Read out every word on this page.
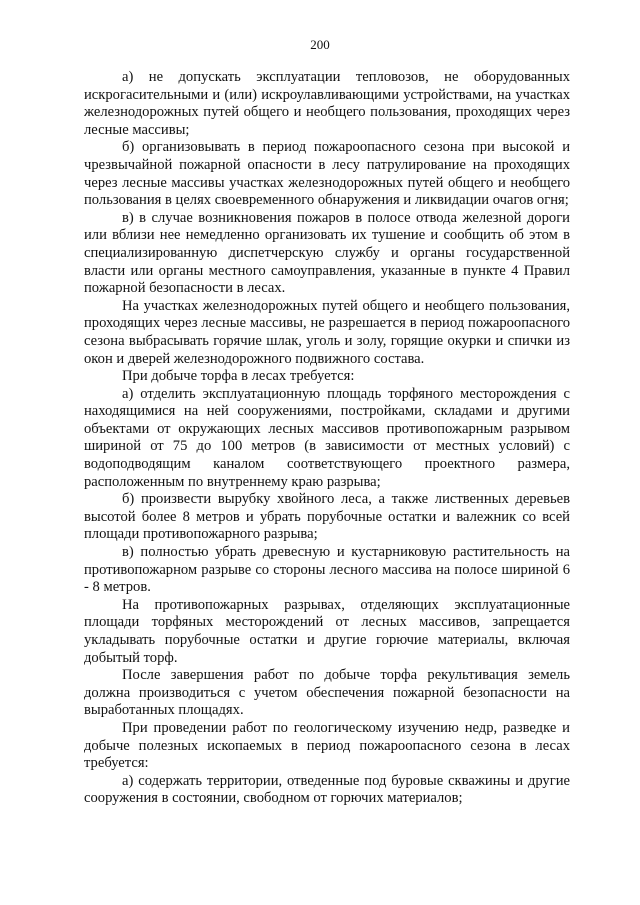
200

а) не допускать эксплуатации тепловозов, не оборудованных искрогасительными и (или) искроулавливающими устройствами, на участках железнодорожных путей общего и необщего пользования, проходящих через лесные массивы;

б) организовывать в период пожароопасного сезона при высокой и чрезвычайной пожарной опасности в лесу патрулирование на проходящих через лесные массивы участках железнодорожных путей общего и необщего пользования в целях своевременного обнаружения и ликвидации очагов огня;

в) в случае возникновения пожаров в полосе отвода железной дороги или вблизи нее немедленно организовать их тушение и сообщить об этом в специализированную диспетчерскую службу и органы государственной власти или органы местного самоуправления, указанные в пункте 4 Правил пожарной безопасности в лесах.

На участках железнодорожных путей общего и необщего пользования, проходящих через лесные массивы, не разрешается в период пожароопасного сезона выбрасывать горячие шлак, уголь и золу, горящие окурки и спички из окон и дверей железнодорожного подвижного состава.

При добыче торфа в лесах требуется:

а) отделить эксплуатационную площадь торфяного месторождения с находящимися на ней сооружениями, постройками, складами и другими объектами от окружающих лесных массивов противопожарным разрывом шириной от 75 до 100 метров (в зависимости от местных условий) с водоподводящим каналом соответствующего проектного размера, расположенным по внутреннему краю разрыва;

б) произвести вырубку хвойного леса, а также лиственных деревьев высотой более 8 метров и убрать порубочные остатки и валежник со всей площади противопожарного разрыва;

в) полностью убрать древесную и кустарниковую растительность на противопожарном разрыве со стороны лесного массива на полосе шириной 6 - 8 метров.

На противопожарных разрывах, отделяющих эксплуатационные площади торфяных месторождений от лесных массивов, запрещается укладывать порубочные остатки и другие горючие материалы, включая добытый торф.

После завершения работ по добыче торфа рекультивация земель должна производиться с учетом обеспечения пожарной безопасности на выработанных площадях.

При проведении работ по геологическому изучению недр, разведке и добыче полезных ископаемых в период пожароопасного сезона в лесах требуется:

а) содержать территории, отведенные под буровые скважины и другие сооружения в состоянии, свободном от горючих материалов;
